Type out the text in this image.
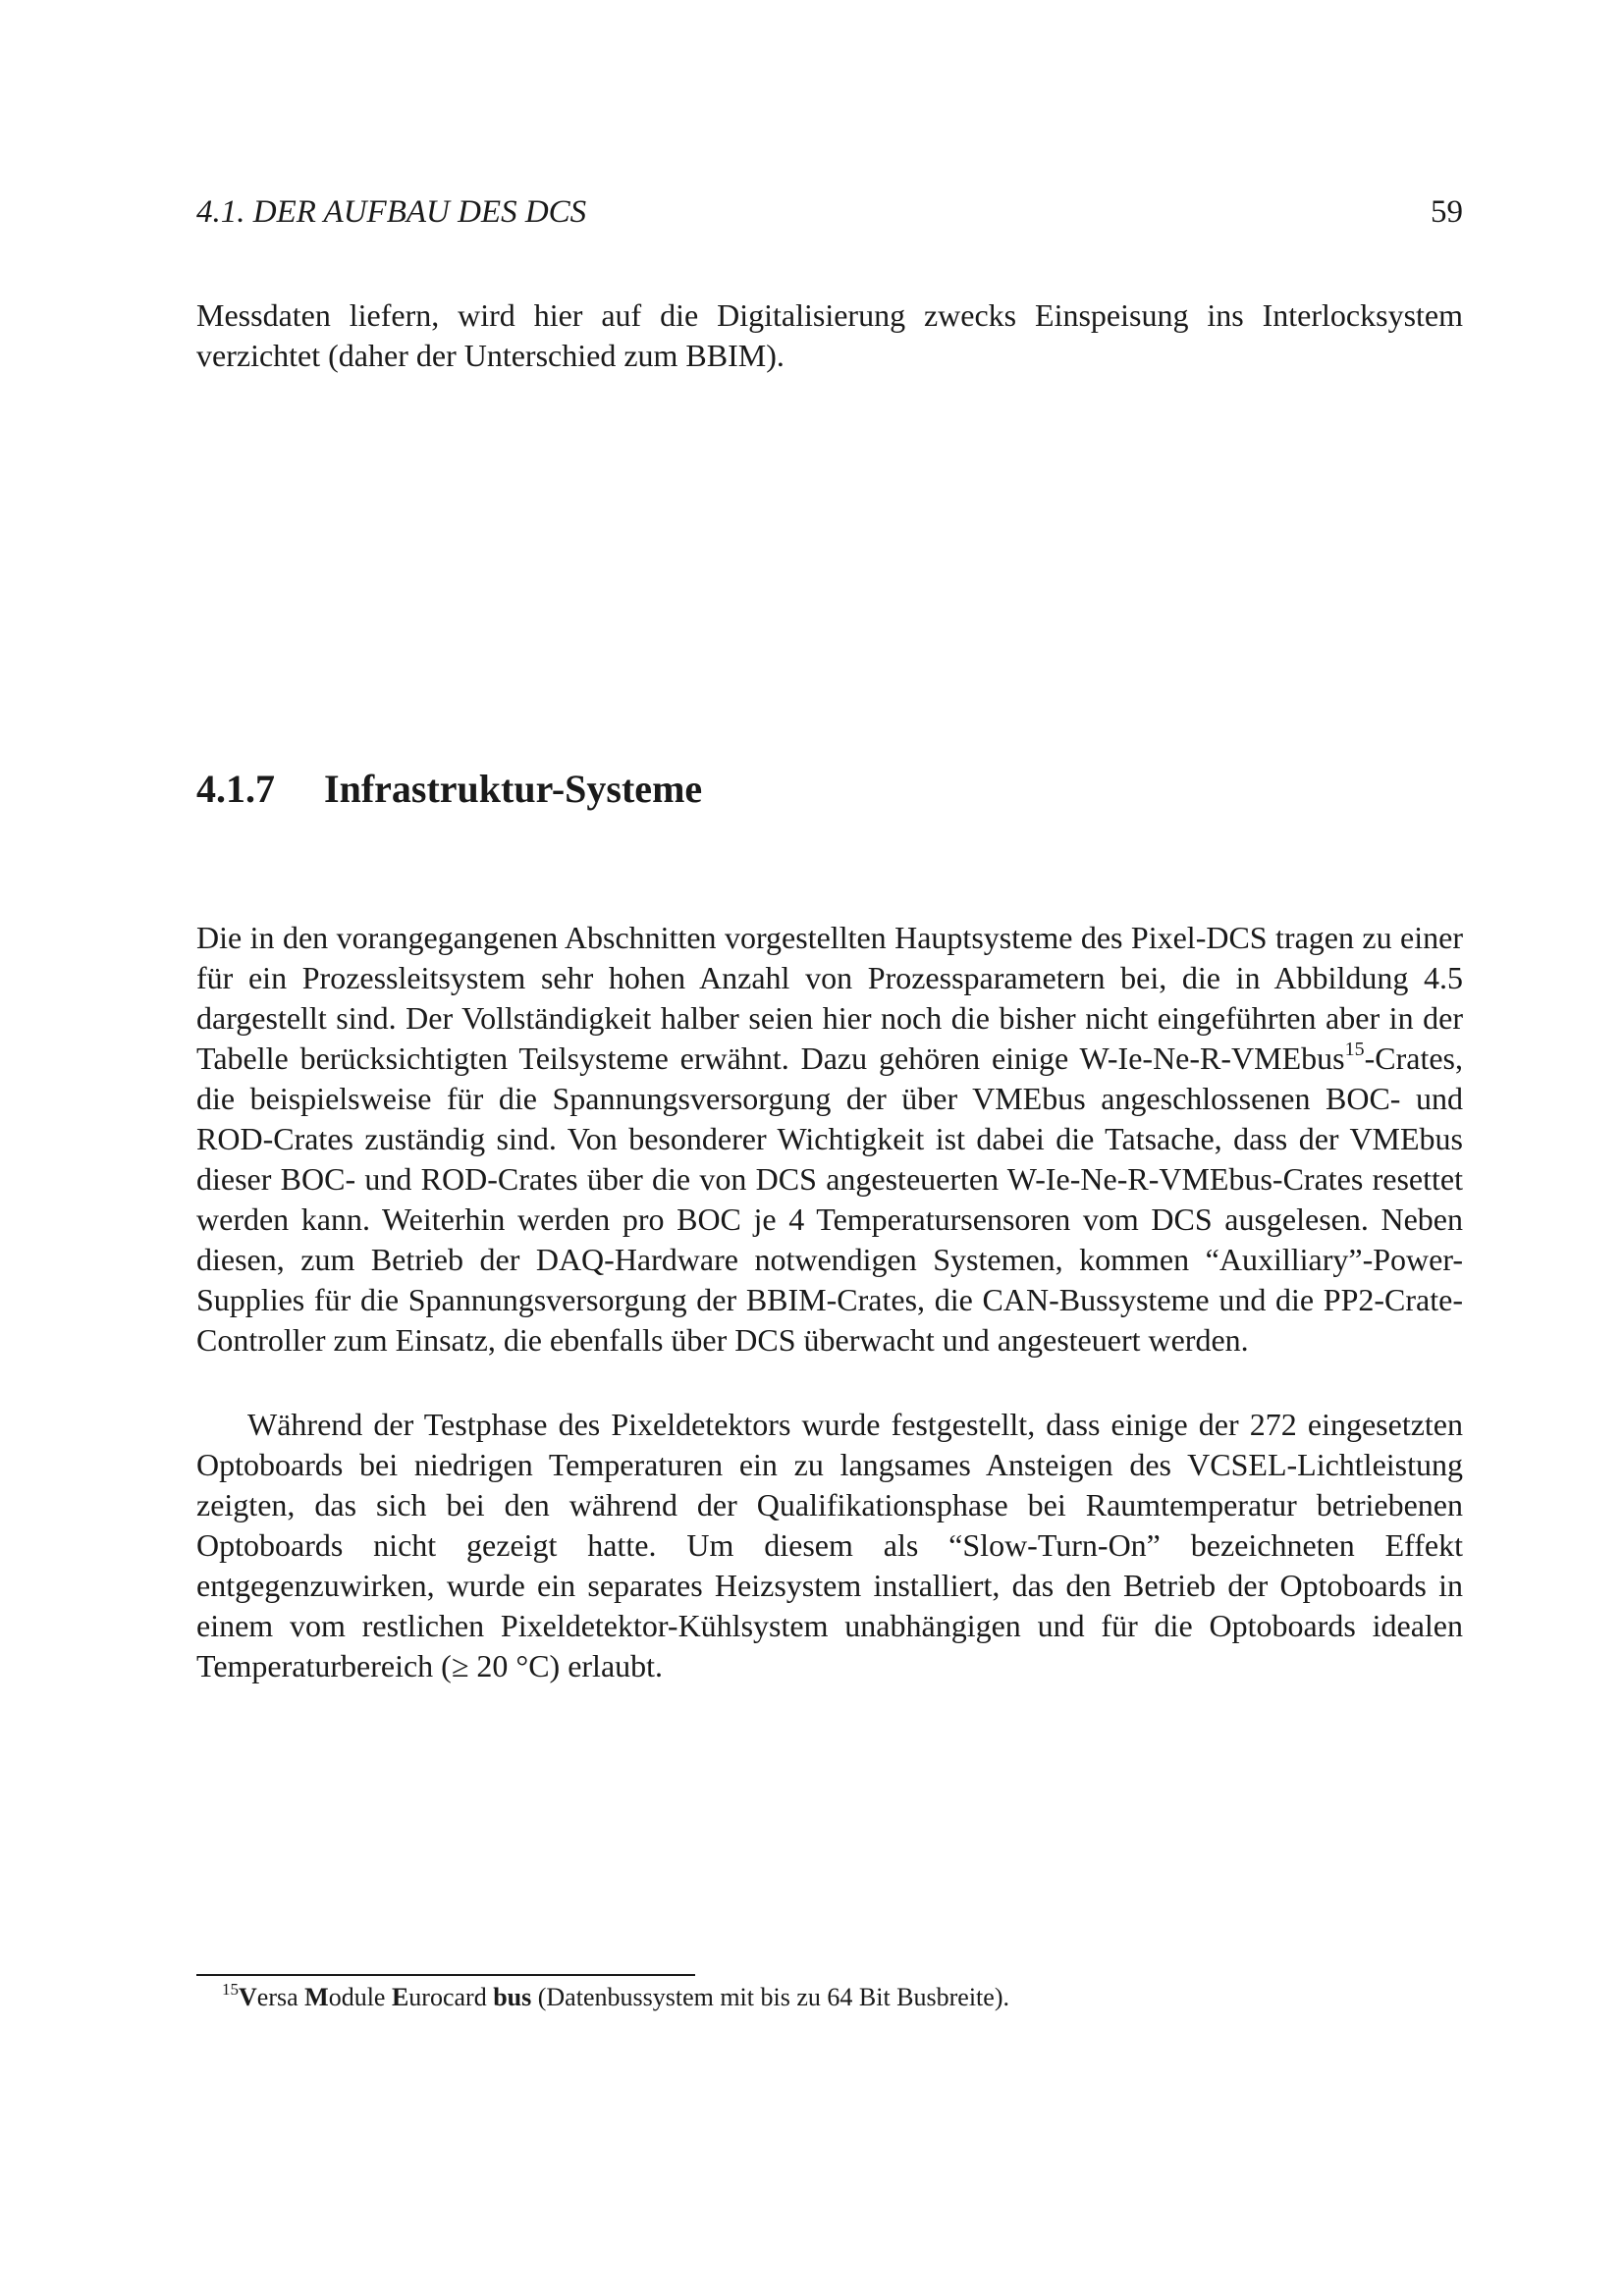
4.1. DER AUFBAU DES DCS	59

Messdaten liefern, wird hier auf die Digitalisierung zwecks Einspeisung ins Interlocksystem verzichtet (daher der Unterschied zum BBIM).

4.1.7 Infrastruktur-Systeme

Die in den vorangegangenen Abschnitten vorgestellten Hauptsysteme des Pixel-DCS tragen zu einer für ein Prozessleitsystem sehr hohen Anzahl von Prozessparametern bei, die in Abbildung 4.5 dargestellt sind. Der Vollständigkeit halber seien hier noch die bisher nicht eingeführten aber in der Tabelle berücksichtigten Teilsysteme erwähnt. Dazu gehören einige W-Ie-Ne-R-VMEbus$^{15}$-Crates, die beispielsweise für die Spannungsversorgung der über VMEbus angeschlossenen BOC- und ROD-Crates zuständig sind. Von besonderer Wichtigkeit ist dabei die Tatsache, dass der VMEbus dieser BOC- und ROD-Crates über die von DCS angesteuerten W-Ie-Ne-R-VMEbus-Crates resettet werden kann. Weiterhin werden pro BOC je 4 Temperatursensoren vom DCS ausgelesen. Neben diesen, zum Betrieb der DAQ-Hardware notwendigen Systemen, kommen “Auxilliary”-Power-Supplies für die Spannungsversorgung der BBIM-Crates, die CAN-Bussysteme und die PP2-Crate-Controller zum Einsatz, die ebenfalls über DCS überwacht und angesteuert werden.

Während der Testphase des Pixeldetektors wurde festgestellt, dass einige der 272 eingesetzten Optoboards bei niedrigen Temperaturen ein zu langsames Ansteigen des VCSEL-Lichtleistung zeigten, das sich bei den während der Qualifikationsphase bei Raumtemperatur betriebenen Optoboards nicht gezeigt hatte. Um diesem als “Slow-Turn-On” bezeichneten Effekt entgegenzuwirken, wurde ein separates Heizsystem installiert, das den Betrieb der Optoboards in einem vom restlichen Pixeldetektor-Kühlsystem unabhängigen und für die Optoboards idealen Temperaturbereich (≥ 20 °C) erlaubt.

$^{15}$Versa Module Eurocard bus (Datenbussystem mit bis zu 64 Bit Busbreite).
